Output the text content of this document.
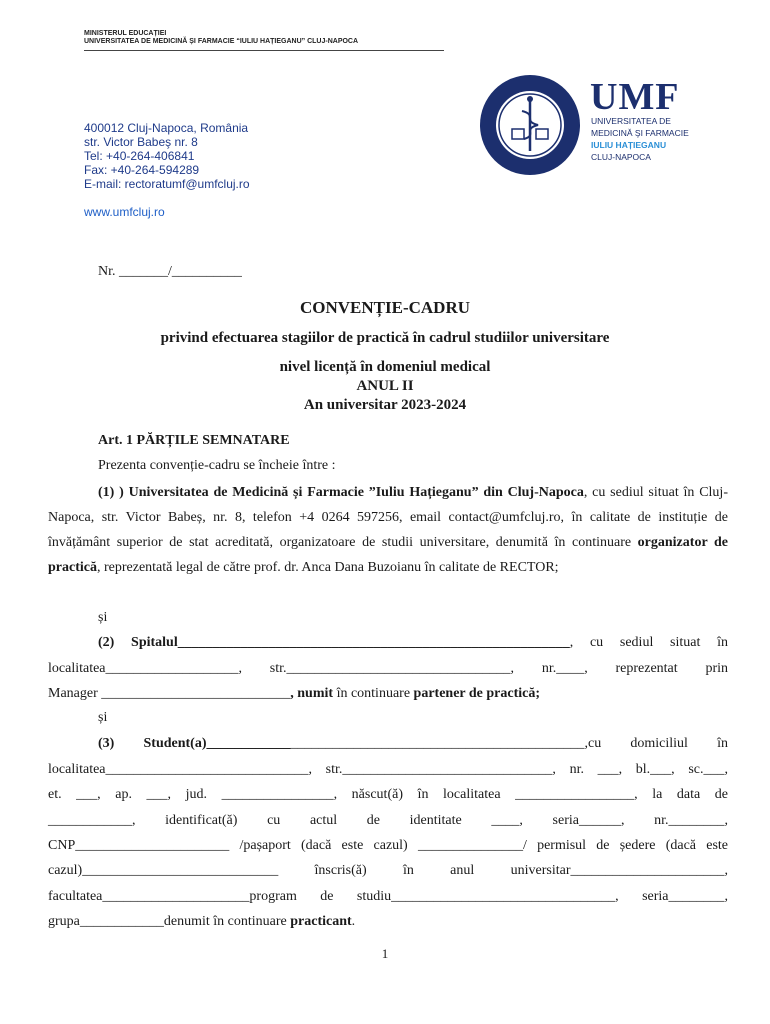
MINISTERUL EDUCAȚIEI
UNIVERSITATEA DE MEDICINĂ ȘI FARMACIE “IULIU HAȚIEGANU” CLUJ-NAPOCA
400012 Cluj-Napoca, România
str. Victor Babeş nr. 8
Tel: +40-264-406841
Fax: +40-264-594289
E-mail: rectoratumf@umfcluj.ro
www.umfcluj.ro
UMF
UNIVERSITATEA DE
MEDICINĂ ŞI FARMACIE
IULIU HAȚIEGANU
CLUJ-NAPOCA
Nr. _______/__________
CONVENȚIE-CADRU
privind efectuarea stagiilor de practică în cadrul studiilor universitare
nivel licență în domeniul medical
ANUL II
An universitar 2023-2024
Art. 1 PĂRȚILE SEMNATARE
Prezenta convenție-cadru se încheie între :
(1) ) Universitatea de Medicină și Farmacie ”Iuliu Hațieganu” din Cluj-Napoca, cu sediul situat în Cluj-Napoca, str. Victor Babeș, nr. 8, telefon +4 0264 597256, email contact@umfcluj.ro, în calitate de instituție de învățământ superior de stat acreditată, organizatoare de studii universitare, denumită în continuare organizator de practică, reprezentată legal de către prof. dr. Anca Dana Buzoianu în calitate de RECTOR;
și
(2) Spitalul________________________________________________________, cu sediul situat în
localitatea___________________, str.________________________________, nr.____, reprezentat prin
Manager ___________________________, numit în continuare partener de practică;
și
(3) Student(a)______________________________________________________,cu domiciliul în
localitatea_____________________________, str.______________________________, nr. ___, bl.___, sc.___,
et. ___, ap. ___, jud. ________________, născut(ă) în localitatea _________________, la data de
____________, identificat(ă) cu actul de identitate ____, seria______, nr.________,
CNP______________________ /pașaport (dacă este cazul) _______________/ permisul de ședere (dacă este
cazul)____________________________ înscris(ă) în anul universitar______________________,
facultatea_____________________program de studiu________________________________, seria________,
grupa____________denumit în continuare practicant.
1
